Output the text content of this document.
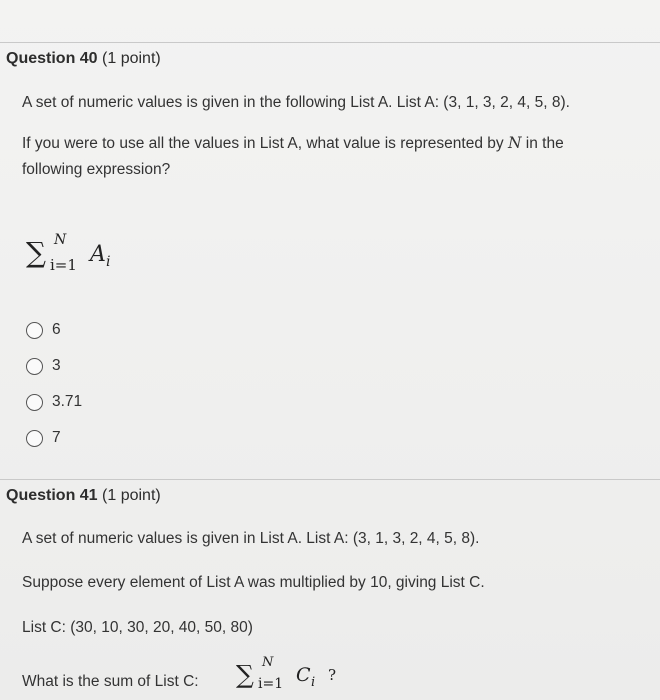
Question 40 (1 point)
A set of numeric values is given in the following List A. List A: (3, 1, 3, 2, 4, 5, 8).
If you were to use all the values in List A, what value is represented by N in the
following expression?
∑ N
i=1 A i
6
3
3.71
7
Question 41 (1 point)
A set of numeric values is given in List A. List A: (3, 1, 3, 2, 4, 5, 8).
Suppose every element of List A was multiplied by 10, giving List C.
List C: (30, 10, 30, 20, 40, 50, 80)
What is the sum of List C: ∑ N
i=1 C i ?
